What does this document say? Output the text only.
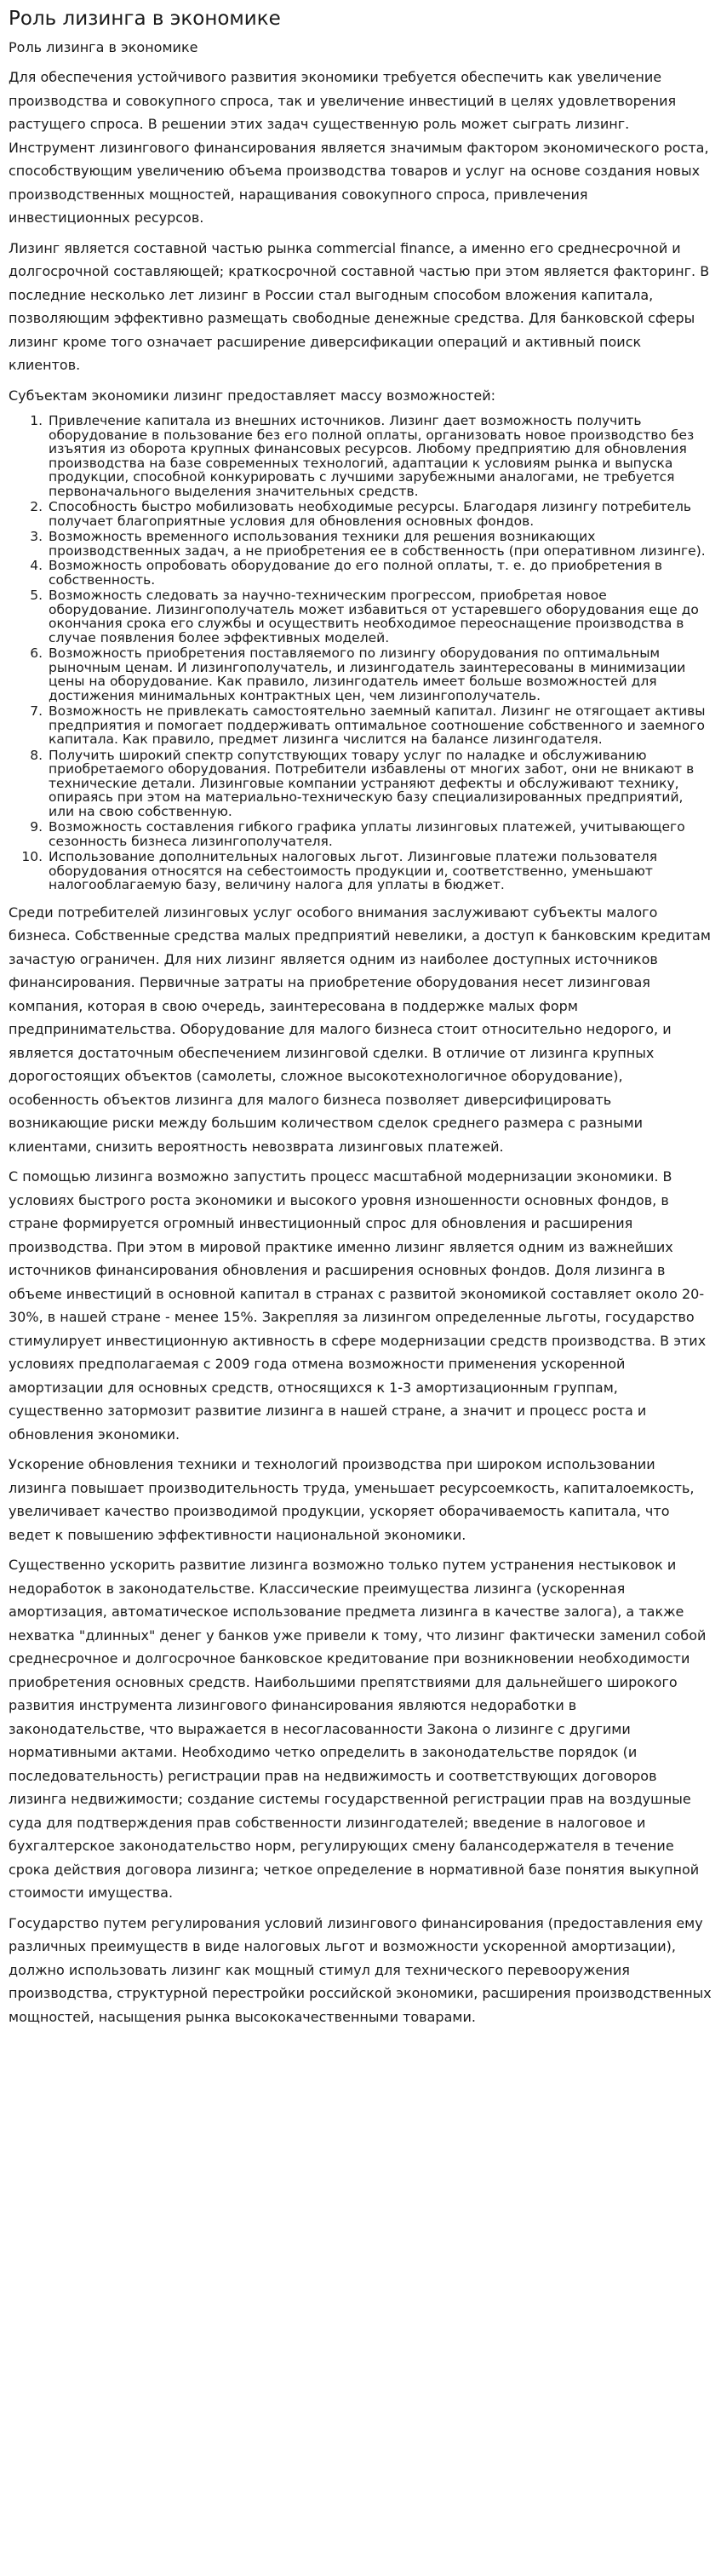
Роль лизинга в экономике
Роль лизинга в экономике

Для обеспечения устойчивого развития экономики требуется обеспечить как увеличение производства и совокупного спроса, так и увеличение инвестиций в целях удовлетворения растущего спроса. В решении этих задач существенную роль может сыграть лизинг. Инструмент лизингового финансирования является значимым фактором экономического роста, способствующим увеличению объема производства товаров и услуг на основе создания новых производственных мощностей, наращивания совокупного спроса, привлечения инвестиционных ресурсов.

Лизинг является составной частью рынка commercial finance, а именно его среднесрочной и долгосрочной составляющей; краткосрочной составной частью при этом является факторинг. В последние несколько лет лизинг в России стал выгодным способом вложения капитала, позволяющим эффективно размещать свободные денежные средства. Для банковской сферы лизинг кроме того означает расширение диверсификации операций и активный поиск клиентов.

Субъектам экономики лизинг предоставляет массу возможностей:

1. Привлечение капитала из внешних источников. Лизинг дает возможность получить оборудование в пользование без его полной оплаты, организовать новое производство без изъятия из оборота крупных финансовых ресурсов. Любому предприятию для обновления производства на базе современных технологий, адаптации к условиям рынка и выпуска продукции, способной конкурировать с лучшими зарубежными аналогами, не требуется первоначального выделения значительных средств.
2. Способность быстро мобилизовать необходимые ресурсы. Благодаря лизингу потребитель получает благоприятные условия для обновления основных фондов.
3. Возможность временного использования техники для решения возникающих производственных задач, а не приобретения ее в собственность (при оперативном лизинге).
4. Возможность опробовать оборудование до его полной оплаты, т. е. до приобретения в собственность.
5. Возможность следовать за научно-техническим прогрессом, приобретая новое оборудование. Лизингополучатель может избавиться от устаревшего оборудования еще до окончания срока его службы и осуществить необходимое переоснащение производства в случае появления более эффективных моделей.
6. Возможность приобретения поставляемого по лизингу оборудования по оптимальным рыночным ценам. И лизингополучатель, и лизингодатель заинтересованы в минимизации цены на оборудование. Как правило, лизингодатель имеет больше возможностей для достижения минимальных контрактных цен, чем лизингополучатель.
7. Возможность не привлекать самостоятельно заемный капитал. Лизинг не отягощает активы предприятия и помогает поддерживать оптимальное соотношение собственного и заемного капитала. Как правило, предмет лизинга числится на балансе лизингодателя.
8. Получить широкий спектр сопутствующих товару услуг по наладке и обслуживанию приобретаемого оборудования. Потребители избавлены от многих забот, они не вникают в технические детали. Лизинговые компании устраняют дефекты и обслуживают технику, опираясь при этом на материально-техническую базу специализированных предприятий, или на свою собственную.
9. Возможность составления гибкого графика уплаты лизинговых платежей, учитывающего сезонность бизнеса лизингополучателя.
10. Использование дополнительных налоговых льгот. Лизинговые платежи пользователя оборудования относятся на себестоимость продукции и, соответственно, уменьшают налогооблагаемую базу, величину налога для уплаты в бюджет.

Среди потребителей лизинговых услуг особого внимания заслуживают субъекты малого бизнеса. Собственные средства малых предприятий невелики, а доступ к банковским кредитам зачастую ограничен. Для них лизинг является одним из наиболее доступных источников финансирования. Первичные затраты на приобретение оборудования несет лизинговая компания, которая в свою очередь, заинтересована в поддержке малых форм предпринимательства. Оборудование для малого бизнеса стоит относительно недорого, и является достаточным обеспечением лизинговой сделки. В отличие от лизинга крупных дорогостоящих объектов (самолеты, сложное высокотехнологичное оборудование), особенность объектов лизинга для малого бизнеса позволяет диверсифицировать возникающие риски между большим количеством сделок среднего размера с разными клиентами, снизить вероятность невозврата лизинговых платежей.

С помощью лизинга возможно запустить процесс масштабной модернизации экономики. В условиях быстрого роста экономики и высокого уровня изношенности основных фондов, в стране формируется огромный инвестиционный спрос для обновления и расширения производства. При этом в мировой практике именно лизинг является одним из важнейших источников финансирования обновления и расширения основных фондов. Доля лизинга в объеме инвестиций в основной капитал в странах с развитой экономикой составляет около 20-30%, в нашей стране - менее 15%. Закрепляя за лизингом определенные льготы, государство стимулирует инвестиционную активность в сфере модернизации средств производства. В этих условиях предполагаемая с 2009 года отмена возможности применения ускоренной амортизации для основных средств, относящихся к 1-3 амортизационным группам, существенно затормозит развитие лизинга в нашей стране, а значит и процесс роста и обновления экономики.

Ускорение обновления техники и технологий производства при широком использовании лизинга повышает производительность труда, уменьшает ресурсоемкость, капиталоемкость, увеличивает качество производимой продукции, ускоряет оборачиваемость капитала, что ведет к повышению эффективности национальной экономики.

Существенно ускорить развитие лизинга возможно только путем устранения нестыковок и недоработок в законодательстве. Классические преимущества лизинга (ускоренная амортизация, автоматическое использование предмета лизинга в качестве залога), а также нехватка "длинных" денег у банков уже привели к тому, что лизинг фактически заменил собой среднесрочное и долгосрочное банковское кредитование при возникновении необходимости приобретения основных средств. Наибольшими препятствиями для дальнейшего широкого развития инструмента лизингового финансирования являются недоработки в законодательстве, что выражается в несогласованности Закона о лизинге с другими нормативными актами. Необходимо четко определить в законодательстве порядок (и последовательность) регистрации прав на недвижимость и соответствующих договоров лизинга недвижимости; создание системы государственной регистрации прав на воздушные суда для подтверждения прав собственности лизингодателей; введение в налоговое и бухгалтерское законодательство норм, регулирующих смену балансодержателя в течение срока действия договора лизинга; четкое определение в нормативной базе понятия выкупной стоимости имущества.

Государство путем регулирования условий лизингового финансирования (предоставления ему различных преимуществ в виде налоговых льгот и возможности ускоренной амортизации), должно использовать лизинг как мощный стимул для технического перевооружения производства, структурной перестройки российской экономики, расширения производственных мощностей, насыщения рынка высококачественными товарами.
